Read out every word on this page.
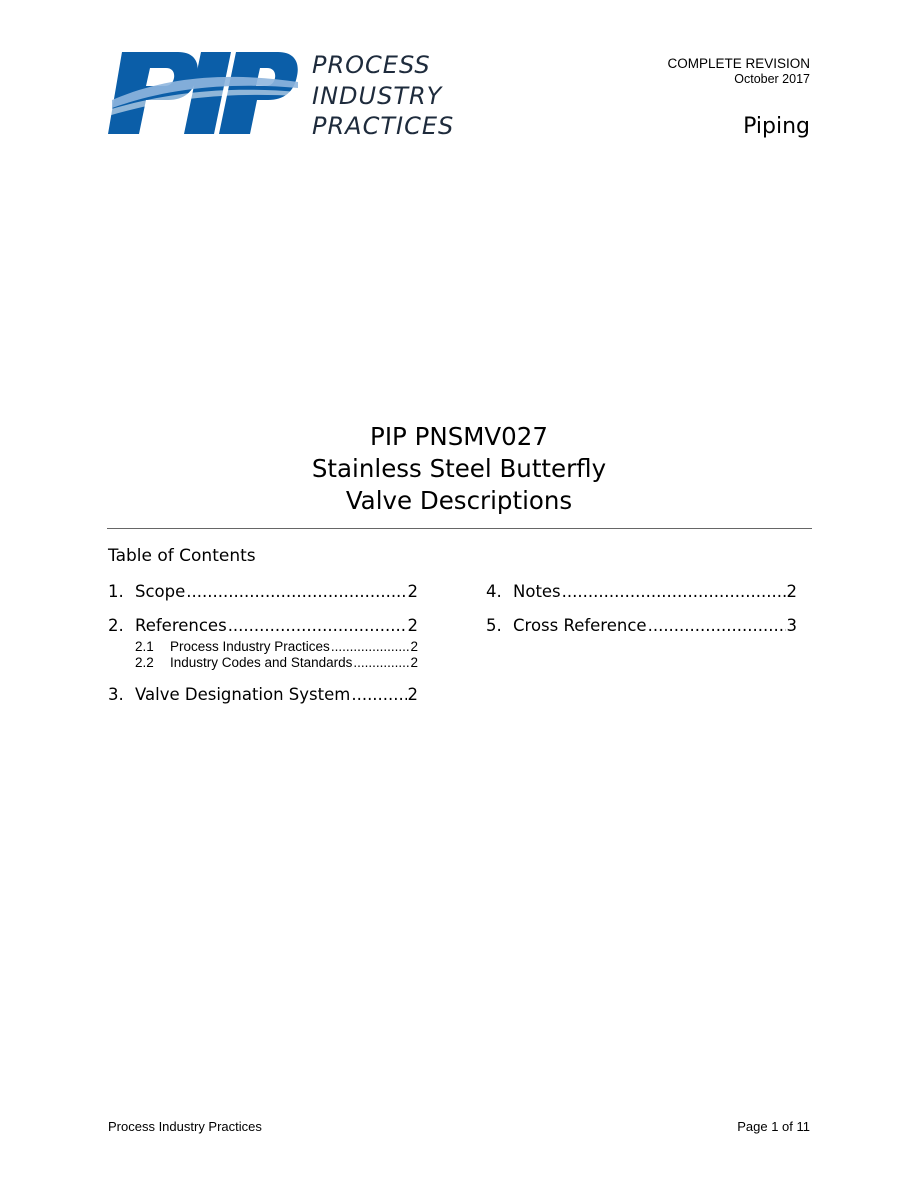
PROCESS
INDUSTRY
PRACTICES
COMPLETE REVISION
October 2017
Piping
PIP PNSMV027
Stainless Steel Butterfly
Valve Descriptions
Table of Contents
1. Scope .....	2
2. References .....	2
2.1	Process Industry Practices .....	2
2.2	Industry Codes and Standards .....	2
3. Valve Designation System .....	2
4. Notes .....	2
5. Cross Reference .....	3
Process Industry Practices	Page 1 of 11
